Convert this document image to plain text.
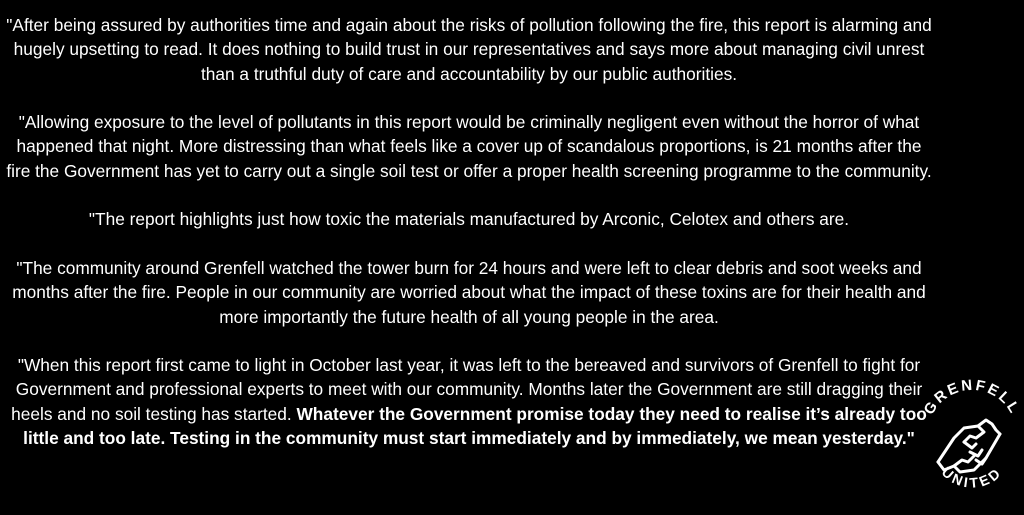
"After being assured by authorities time and again about the risks of pollution following the fire, this report is alarming and hugely upsetting to read. It does nothing to build trust in our representatives and says more about managing civil unrest than a truthful duty of care and accountability by our public authorities.

"Allowing exposure to the level of pollutants in this report would be criminally negligent even without the horror of what happened that night. More distressing than what feels like a cover up of scandalous proportions, is 21 months after the fire the Government has yet to carry out a single soil test or offer a proper health screening programme to the community.

"The report highlights just how toxic the materials manufactured by Arconic, Celotex and others are.

"The community around Grenfell watched the tower burn for 24 hours and were left to clear debris and soot weeks and months after the fire. People in our community are worried about what the impact of these toxins are for their health and more importantly the future health of all young people in the area.

"When this report first came to light in October last year, it was left to the bereaved and survivors of Grenfell to fight for Government and professional experts to meet with our community. Months later the Government are still dragging their heels and no soil testing has started. Whatever the Government promise today they need to realise it’s already too little and too late. Testing in the community must start immediately and by immediately, we mean yesterday."

GRENFELL
UNITED
